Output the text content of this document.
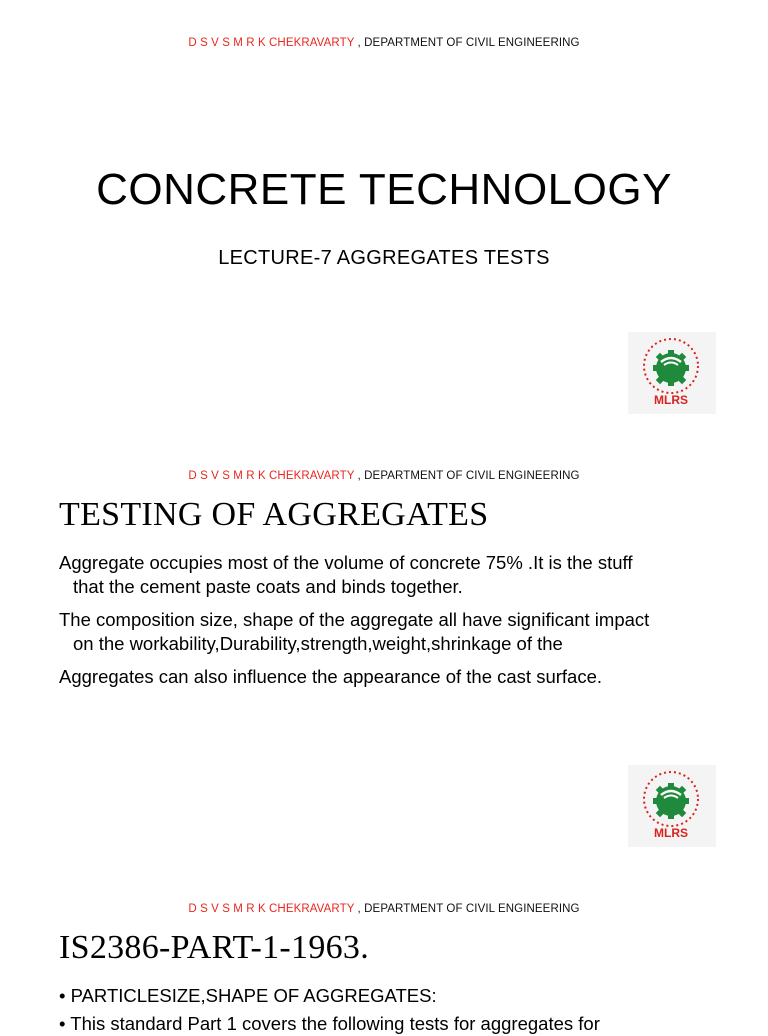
D S V S M R K CHEKRAVARTY , DEPARTMENT OF CIVIL ENGINEERING
CONCRETE TECHNOLOGY
LECTURE-7 AGGREGATES TESTS
MLRS
D S V S M R K CHEKRAVARTY , DEPARTMENT OF CIVIL ENGINEERING
TESTING OF AGGREGATES
Aggregate occupies most of the volume of concrete 75% .It is the stuff
that the cement paste coats and binds together.
The composition size, shape of the aggregate all have significant impact
on the workability,Durability,strength,weight,shrinkage of the
Aggregates can also influence the appearance of the cast surface.
MLRS
D S V S M R K CHEKRAVARTY , DEPARTMENT OF CIVIL ENGINEERING
IS2386-PART-1-1963.
• PARTICLESIZE,SHAPE OF AGGREGATES:
• This standard Part 1 covers the following tests for aggregates for
